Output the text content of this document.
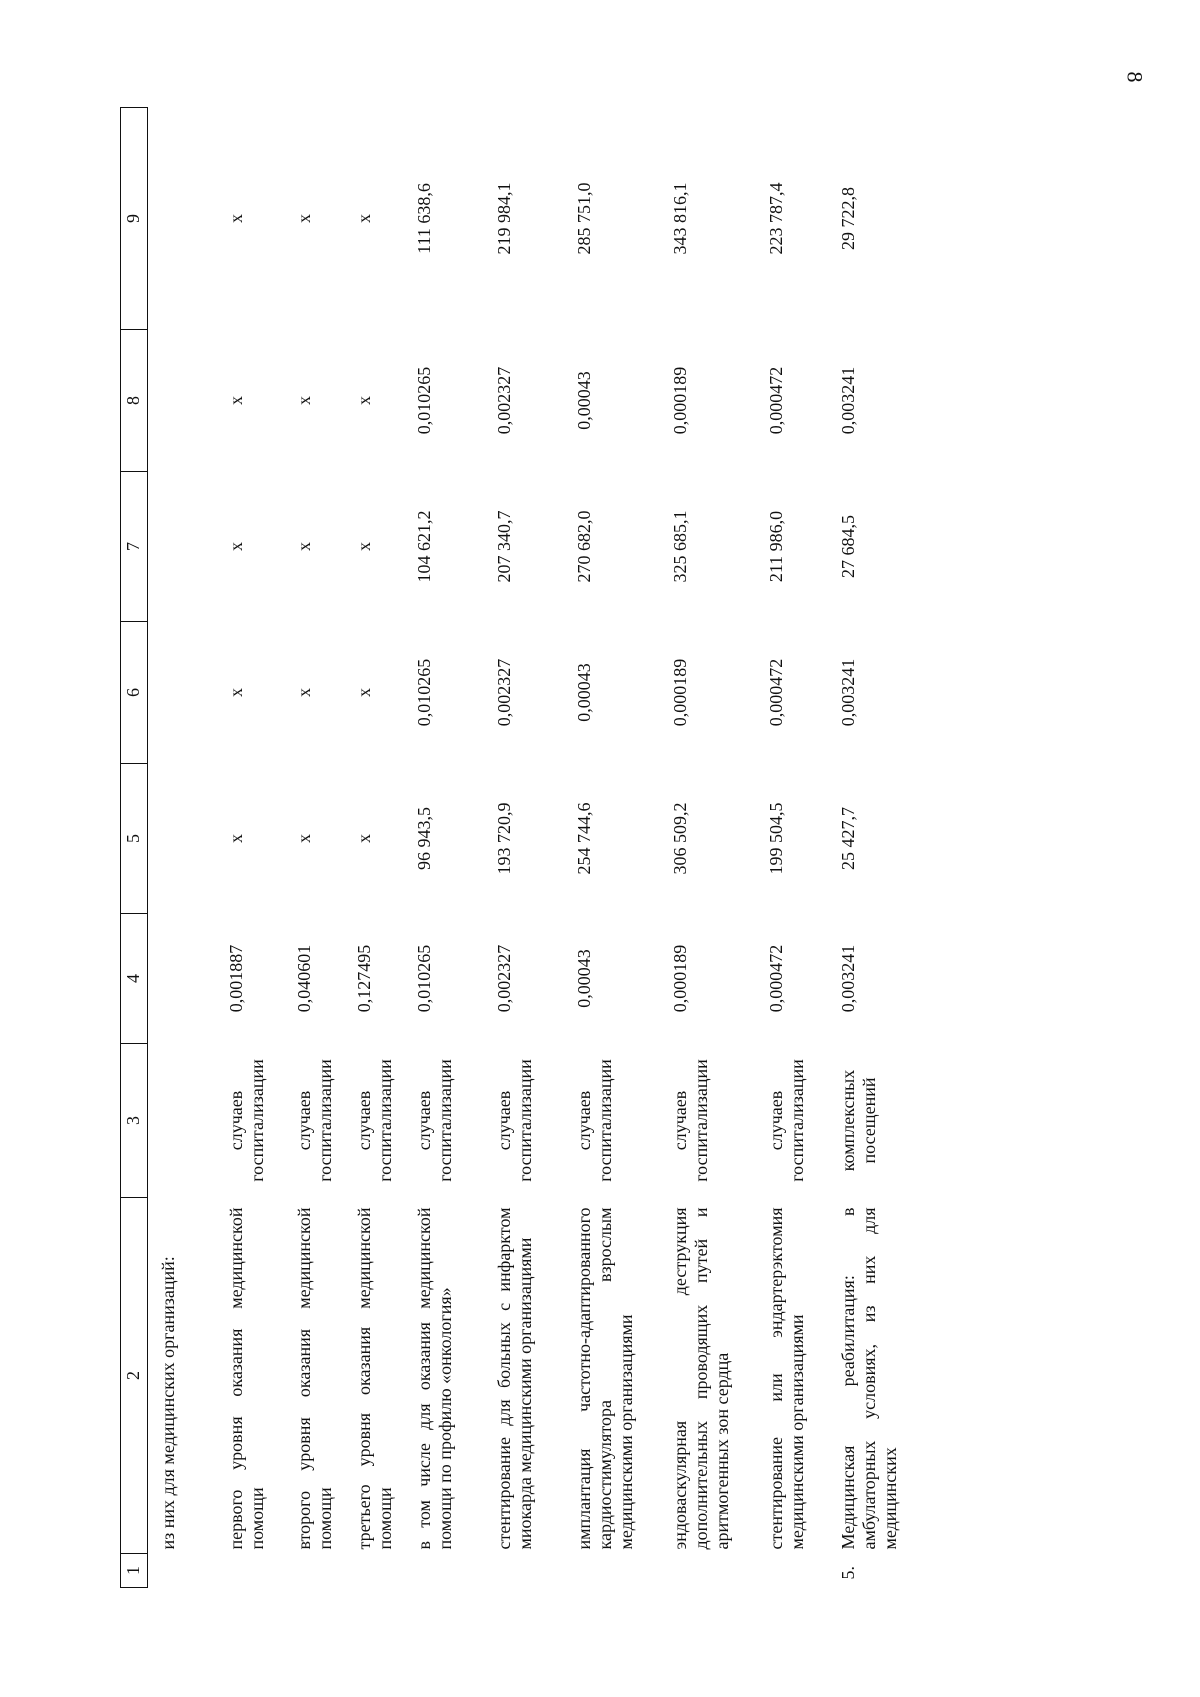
8
1	2	3	4	5	6	7	8	9
	из них для медицинских организаций:							
	первого уровня оказания медицинской помощи	случаев госпитализации	0,001887	x	x	x	x	x
	второго уровня оказания медицинской помощи	случаев госпитализации	0,040601	x	x	x	x	x
	третьего уровня оказания медицинской помощи	случаев госпитализации	0,127495	x	x	x	x	x
	в том числе для оказания медицинской помощи по профилю «онкология»	случаев госпитализации	0,010265	96 943,5	0,010265	104 621,2	0,010265	111 638,6
	стентирование для больных с инфарктом миокарда медицинскими организациями	случаев госпитализации	0,002327	193 720,9	0,002327	207 340,7	0,002327	219 984,1
	имплантация частотно-адаптированного кардиостимулятора взрослым медицинскими организациями	случаев госпитализации	0,00043	254 744,6	0,00043	270 682,0	0,00043	285 751,0
	эндоваскулярная деструкция дополнительных проводящих путей и аритмогенных зон сердца	случаев госпитализации	0,000189	306 509,2	0,000189	325 685,1	0,000189	343 816,1
	стентирование или эндартерэктомия медицинскими организациями	случаев госпитализации	0,000472	199 504,5	0,000472	211 986,0	0,000472	223 787,4
5.	Медицинская реабилитация: в амбулаторных условиях, из них для медицинских	комплексных посещений	0,003241	25 427,7	0,003241	27 684,5	0,003241	29 722,8
